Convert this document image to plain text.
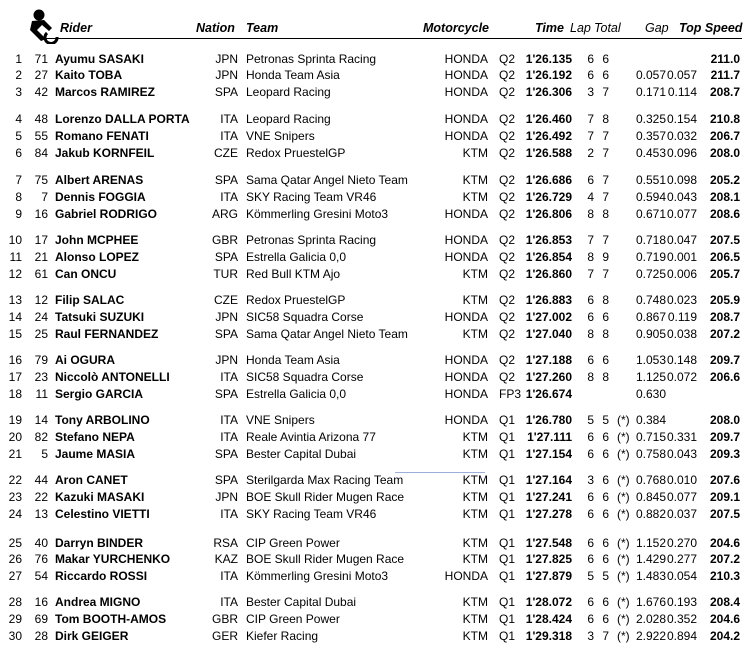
Rider	Nation Team	Motorcycle	Time Lap Total Gap Top Speed
1	71 Ayumu SASAKI	JPN Petronas Sprinta Racing	HONDA Q2 1'26.135	6 6	211.0
2	27 Kaito TOBA	JPN Honda Team Asia	HONDA Q2 1'26.192	6 6	0.057 0.057	211.7
3	42 Marcos RAMIREZ	SPA Leopard Racing	HONDA Q2 1'26.306	3 7	0.171 0.114	208.7
4	48 Lorenzo DALLA PORTA	ITA Leopard Racing	HONDA Q2 1'26.460	7 8	0.325 0.154	210.8
5	55 Romano FENATI	ITA VNE Snipers	HONDA Q2 1'26.492	7 7	0.357 0.032	206.7
6	84 Jakub KORNFEIL	CZE Redox PruestelGP	KTM Q2 1'26.588	2 7	0.453 0.096	208.0
7	75 Albert ARENAS	SPA Sama Qatar Angel Nieto Team	KTM Q2 1'26.686	6 7	0.551 0.098	205.2
8	7 Dennis FOGGIA	ITA SKY Racing Team VR46	KTM Q2 1'26.729	4 7	0.594 0.043	208.1
9	16 Gabriel RODRIGO	ARG Kömmerling Gresini Moto3	HONDA Q2 1'26.806	8 8	0.671 0.077	208.6
10	17 John MCPHEE	GBR Petronas Sprinta Racing	HONDA Q2 1'26.853	7 7	0.718 0.047	207.5
11	21 Alonso LOPEZ	SPA Estrella Galicia 0,0	HONDA Q2 1'26.854	8 9	0.719 0.001	206.5
12	61 Can ONCU	TUR Red Bull KTM Ajo	KTM Q2 1'26.860	7 7	0.725 0.006	205.7
13	12 Filip SALAC	CZE Redox PruestelGP	KTM Q2 1'26.883	6 8	0.748 0.023	205.9
14	24 Tatsuki SUZUKI	JPN SIC58 Squadra Corse	HONDA Q2 1'27.002	6 6	0.867 0.119	208.7
15	25 Raul FERNANDEZ	SPA Sama Qatar Angel Nieto Team	KTM Q2 1'27.040	8 8	0.905 0.038	207.2
16	79 Ai OGURA	JPN Honda Team Asia	HONDA Q2 1'27.188	6 6	1.053 0.148	209.7
17	23 Niccolò ANTONELLI	ITA SIC58 Squadra Corse	HONDA Q2 1'27.260	8 8	1.125 0.072	206.6
18	11 Sergio GARCIA	SPA Estrella Galicia 0,0	HONDA FP3 1'26.674	0.630
19	14 Tony ARBOLINO	ITA VNE Snipers	HONDA Q1 1'26.780	5 5 (*) 0.384	208.0
20	82 Stefano NEPA	ITA Reale Avintia Arizona 77	KTM Q1	1'27.111	6 6 (*) 0.715 0.331	209.7
21	5 Jaume MASIA	SPA Bester Capital Dubai	KTM Q1 1'27.154	6 6 (*) 0.758 0.043	209.3
22	44 Aron CANET	SPA Sterilgarda Max Racing Team	KTM Q1 1'27.164	3 6 (*) 0.768 0.010	207.6
23	22 Kazuki MASAKI	JPN BOE Skull Rider Mugen Race	KTM Q1 1'27.241	6 6 (*) 0.845 0.077	209.1
24	13 Celestino VIETTI	ITA SKY Racing Team VR46	KTM Q1 1'27.278	6 6 (*) 0.882 0.037	207.5
25	40 Darryn BINDER	RSA CIP Green Power	KTM Q1 1'27.548	6 6 (*) 1.152 0.270	204.6
26	76 Makar YURCHENKO	KAZ BOE Skull Rider Mugen Race	KTM Q1 1'27.825	6 6 (*) 1.429 0.277	207.2
27	54 Riccardo ROSSI	ITA Kömmerling Gresini Moto3	HONDA Q1 1'27.879	5 5 (*) 1.483 0.054	210.3
28	16 Andrea MIGNO	ITA Bester Capital Dubai	KTM Q1 1'28.072	6 6 (*) 1.676 0.193	208.4
29	69 Tom BOOTH-AMOS	GBR CIP Green Power	KTM Q1 1'28.424	6 6 (*) 2.028 0.352	204.6
30	28 Dirk GEIGER	GER Kiefer Racing	KTM Q1 1'29.318	3 7 (*) 2.922 0.894	204.2
